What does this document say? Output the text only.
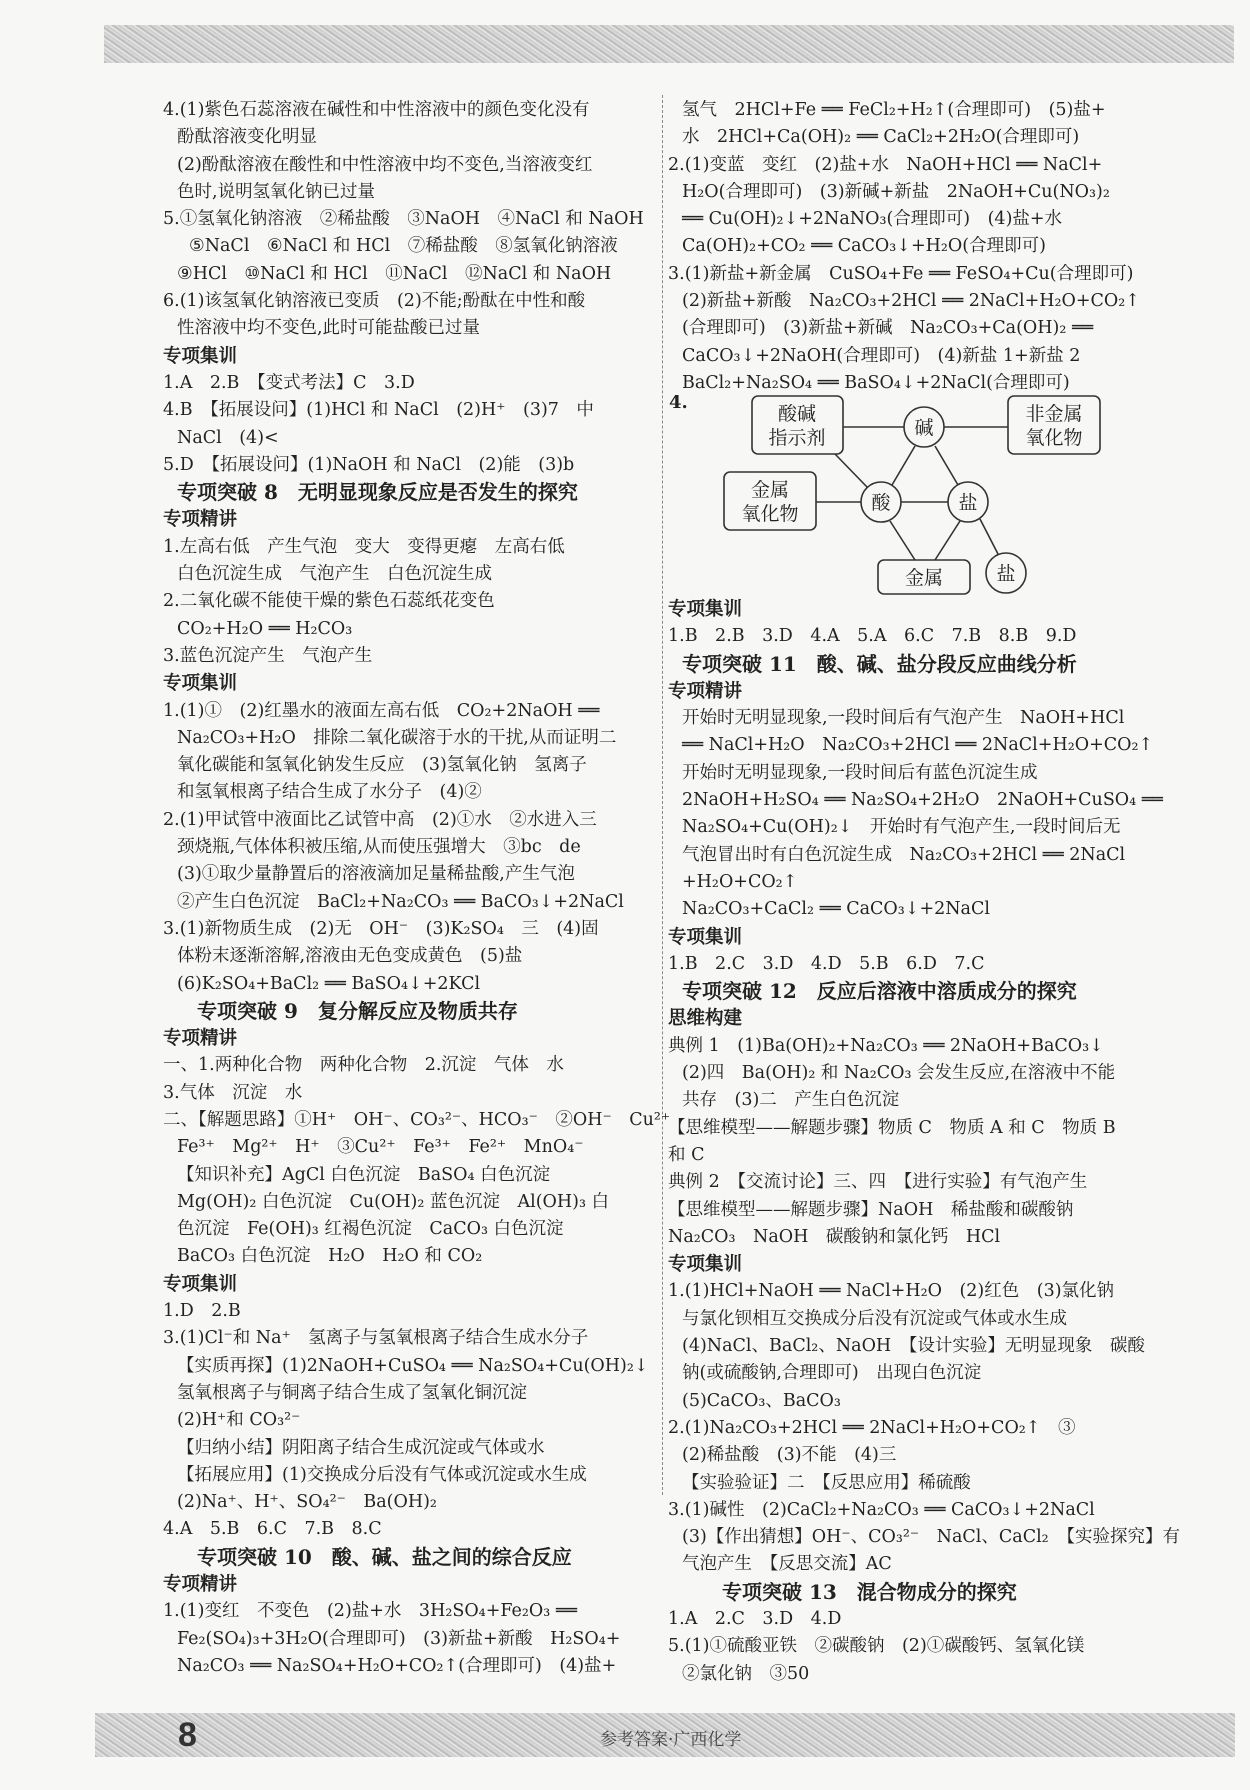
4.(1)紫色石蕊溶液在碱性和中性溶液中的颜色变化没有
酚酞溶液变化明显
(2)酚酞溶液在酸性和中性溶液中均不变色,当溶液变红
色时,说明氢氧化钠已过量
5.①氢氧化钠溶液　②稀盐酸　③NaOH　④NaCl 和 NaOH
⑤NaCl　⑥NaCl 和 HCl　⑦稀盐酸　⑧氢氧化钠溶液
⑨HCl　⑩NaCl 和 HCl　⑪NaCl　⑫NaCl 和 NaOH
6.(1)该氢氧化钠溶液已变质　(2)不能;酚酞在中性和酸
性溶液中均不变色,此时可能盐酸已过量
专项集训
1.A　2.B　【变式考法】C　3.D
4.B　【拓展设问】(1)HCl 和 NaCl　(2)H⁺　(3)7　中
NaCl　(4)<
5.D　【拓展设问】(1)NaOH 和 NaCl　(2)能　(3)b
专项突破 8　无明显现象反应是否发生的探究
专项精讲
1.左高右低　产生气泡　变大　变得更瘪　左高右低
白色沉淀生成　气泡产生　白色沉淀生成
2.二氧化碳不能使干燥的紫色石蕊纸花变色
CO₂+H₂O ══ H₂CO₃
3.蓝色沉淀产生　气泡产生
专项集训
1.(1)①　(2)红墨水的液面左高右低　CO₂+2NaOH ══
Na₂CO₃+H₂O　排除二氧化碳溶于水的干扰,从而证明二
氧化碳能和氢氧化钠发生反应　(3)氢氧化钠　氢离子
和氢氧根离子结合生成了水分子　(4)②
2.(1)甲试管中液面比乙试管中高　(2)①水　②水进入三
颈烧瓶,气体体积被压缩,从而使压强增大　③bc　de
(3)①取少量静置后的溶液滴加足量稀盐酸,产生气泡
②产生白色沉淀　BaCl₂+Na₂CO₃ ══ BaCO₃↓+2NaCl
3.(1)新物质生成　(2)无　OH⁻　(3)K₂SO₄　三　(4)固
体粉末逐渐溶解,溶液由无色变成黄色　(5)盐
(6)K₂SO₄+BaCl₂ ══ BaSO₄↓+2KCl
　专项突破 9　复分解反应及物质共存
专项精讲
一、1.两种化合物　两种化合物　2.沉淀　气体　水
3.气体　沉淀　水
二、【解题思路】①H⁺　OH⁻、CO₃²⁻、HCO₃⁻　②OH⁻　Cu²⁺
Fe³⁺　Mg²⁺　H⁺　③Cu²⁺　Fe³⁺　Fe²⁺　MnO₄⁻
【知识补充】AgCl 白色沉淀　BaSO₄ 白色沉淀
Mg(OH)₂ 白色沉淀　Cu(OH)₂ 蓝色沉淀　Al(OH)₃ 白
色沉淀　Fe(OH)₃ 红褐色沉淀　CaCO₃ 白色沉淀
BaCO₃ 白色沉淀　H₂O　H₂O 和 CO₂
专项集训
1.D　2.B
3.(1)Cl⁻和 Na⁺　氢离子与氢氧根离子结合生成水分子
【实质再探】(1)2NaOH+CuSO₄ ══ Na₂SO₄+Cu(OH)₂↓
氢氧根离子与铜离子结合生成了氢氧化铜沉淀
(2)H⁺和 CO₃²⁻
【归纳小结】阴阳离子结合生成沉淀或气体或水
【拓展应用】(1)交换成分后没有气体或沉淀或水生成
(2)Na⁺、H⁺、SO₄²⁻　Ba(OH)₂
4.A　5.B　6.C　7.B　8.C
　专项突破 10　酸、碱、盐之间的综合反应
专项精讲
1.(1)变红　不变色　(2)盐+水　3H₂SO₄+Fe₂O₃ ══
Fe₂(SO₄)₃+3H₂O(合理即可)　(3)新盐+新酸　H₂SO₄+
Na₂CO₃ ══ Na₂SO₄+H₂O+CO₂↑(合理即可)　(4)盐+
氢气　2HCl+Fe ══ FeCl₂+H₂↑(合理即可)　(5)盐+
水　2HCl+Ca(OH)₂ ══ CaCl₂+2H₂O(合理即可)
2.(1)变蓝　变红　(2)盐+水　NaOH+HCl ══ NaCl+
H₂O(合理即可)　(3)新碱+新盐　2NaOH+Cu(NO₃)₂
══ Cu(OH)₂↓+2NaNO₃(合理即可)　(4)盐+水
Ca(OH)₂+CO₂ ══ CaCO₃↓+H₂O(合理即可)
3.(1)新盐+新金属　CuSO₄+Fe ══ FeSO₄+Cu(合理即可)
(2)新盐+新酸　Na₂CO₃+2HCl ══ 2NaCl+H₂O+CO₂↑
(合理即可)　(3)新盐+新碱　Na₂CO₃+Ca(OH)₂ ══
CaCO₃↓+2NaOH(合理即可)　(4)新盐 1+新盐 2
BaCl₂+Na₂SO₄ ══ BaSO₄↓+2NaCl(合理即可)
4.
酸碱
指示剂
非金属
氧化物
金属
氧化物
碱
酸	盐
金属	盐
专项集训
1.B　2.B　3.D　4.A　5.A　6.C　7.B　8.B　9.D
专项突破 11　酸、碱、盐分段反应曲线分析
专项精讲
开始时无明显现象,一段时间后有气泡产生　NaOH+HCl
══ NaCl+H₂O　Na₂CO₃+2HCl ══ 2NaCl+H₂O+CO₂↑
开始时无明显现象,一段时间后有蓝色沉淀生成
2NaOH+H₂SO₄ ══ Na₂SO₄+2H₂O　2NaOH+CuSO₄ ══
Na₂SO₄+Cu(OH)₂↓　开始时有气泡产生,一段时间后无
气泡冒出时有白色沉淀生成　Na₂CO₃+2HCl ══ 2NaCl
+H₂O+CO₂↑
Na₂CO₃+CaCl₂ ══ CaCO₃↓+2NaCl
专项集训
1.B　2.C　3.D　4.D　5.B　6.D　7.C
专项突破 12　反应后溶液中溶质成分的探究
思维构建
典例 1　(1)Ba(OH)₂+Na₂CO₃ ══ 2NaOH+BaCO₃↓
(2)四　Ba(OH)₂ 和 Na₂CO₃ 会发生反应,在溶液中不能
共存　(3)二　产生白色沉淀
【思维模型——解题步骤】物质 C　物质 A 和 C　物质 B
和 C
典例 2　【交流讨论】三、四　【进行实验】有气泡产生
【思维模型——解题步骤】NaOH　稀盐酸和碳酸钠
Na₂CO₃　NaOH　碳酸钠和氯化钙　HCl
专项集训
1.(1)HCl+NaOH ══ NaCl+H₂O　(2)红色　(3)氯化钠
与氯化钡相互交换成分后没有沉淀或气体或水生成
(4)NaCl、BaCl₂、NaOH　【设计实验】无明显现象　碳酸
钠(或硫酸钠,合理即可)　出现白色沉淀
(5)CaCO₃、BaCO₃
2.(1)Na₂CO₃+2HCl ══ 2NaCl+H₂O+CO₂↑　③
(2)稀盐酸　(3)不能　(4)三
【实验验证】二　【反思应用】稀硫酸
3.(1)碱性　(2)CaCl₂+Na₂CO₃ ══ CaCO₃↓+2NaCl
(3)【作出猜想】OH⁻、CO₃²⁻　NaCl、CaCl₂　【实验探究】有
气泡产生　【反思交流】AC
　　专项突破 13　混合物成分的探究
1.A　2.C　3.D　4.D
5.(1)①硫酸亚铁　②碳酸钠　(2)①碳酸钙、氢氧化镁
②氯化钠　③50
8	参考答案·广西化学
